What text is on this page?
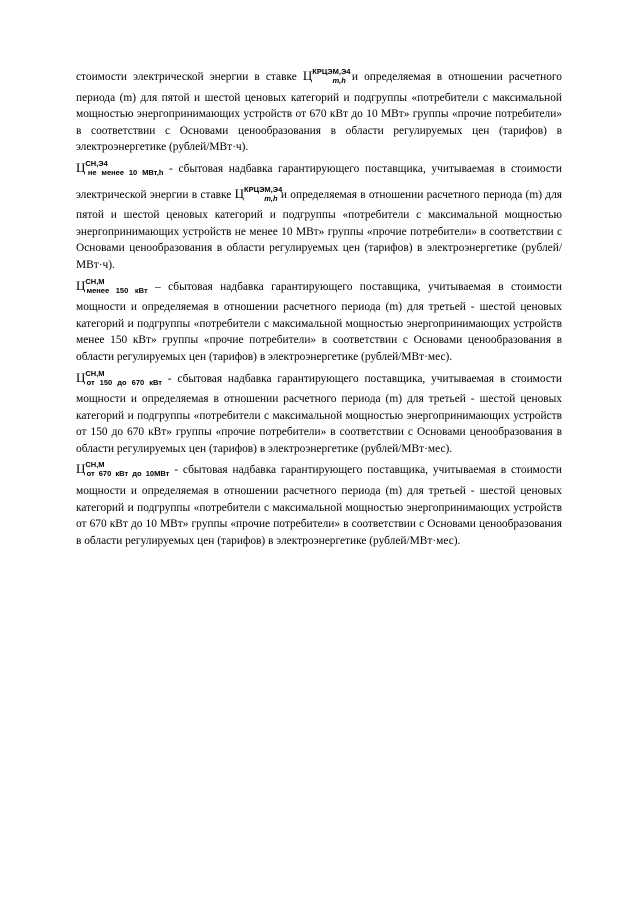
стоимости электрической энергии в ставке $Ц^{КРЦЭМ,Э4}_{m,h}$ и определяемая в отношении расчетного периода (m) для пятой и шестой ценовых категорий и подгруппы «потребители с максимальной мощностью энергопринимающих устройств от 670 кВт до 10 МВт» группы «прочие потребители» в соответствии с Основами ценообразования в области регулируемых цен (тарифов) в электроэнергетике (рублей/МВт·ч).

$Ц^{СН,Э4}_{не менее 10 МВт,h}$ - сбытовая надбавка гарантирующего поставщика, учитываемая в стоимости электрической энергии в ставке $Ц^{КРЦЭМ,Э4}_{m,h}$ и определяемая в отношении расчетного периода (m) для пятой и шестой ценовых категорий и подгруппы «потребители с максимальной мощностью энергопринимающих устройств не менее 10 МВт» группы «прочие потребители» в соответствии с Основами ценообразования в области регулируемых цен (тарифов) в электроэнергетике (рублей/МВт·ч).

$Ц^{СН,М}_{менее 150 кВт}$ – сбытовая надбавка гарантирующего поставщика, учитываемая в стоимости мощности и определяемая в отношении расчетного периода (m) для третьей - шестой ценовых категорий и подгруппы «потребители с максимальной мощностью энергопринимающих устройств менее 150 кВт» группы «прочие потребители» в соответствии с Основами ценообразования в области регулируемых цен (тарифов) в электроэнергетике (рублей/МВт·мес).

$Ц^{СН,М}_{от 150 до 670 кВт}$ - сбытовая надбавка гарантирующего поставщика, учитываемая в стоимости мощности и определяемая в отношении расчетного периода (m) для третьей - шестой ценовых категорий и подгруппы «потребители с максимальной мощностью энергопринимающих устройств от 150 до 670 кВт» группы «прочие потребители» в соответствии с Основами ценообразования в области регулируемых цен (тарифов) в электроэнергетике (рублей/МВт·мес).

$Ц^{СН,М}_{от 670 кВт до 10МВт}$ - сбытовая надбавка гарантирующего поставщика, учитываемая в стоимости мощности и определяемая в отношении расчетного периода (m) для третьей - шестой ценовых категорий и подгруппы «потребители с максимальной мощностью энергопринимающих устройств от 670 кВт до 10 МВт» группы «прочие потребители» в соответствии с Основами ценообразования в области регулируемых цен (тарифов) в электроэнергетике (рублей/МВт·мес).
